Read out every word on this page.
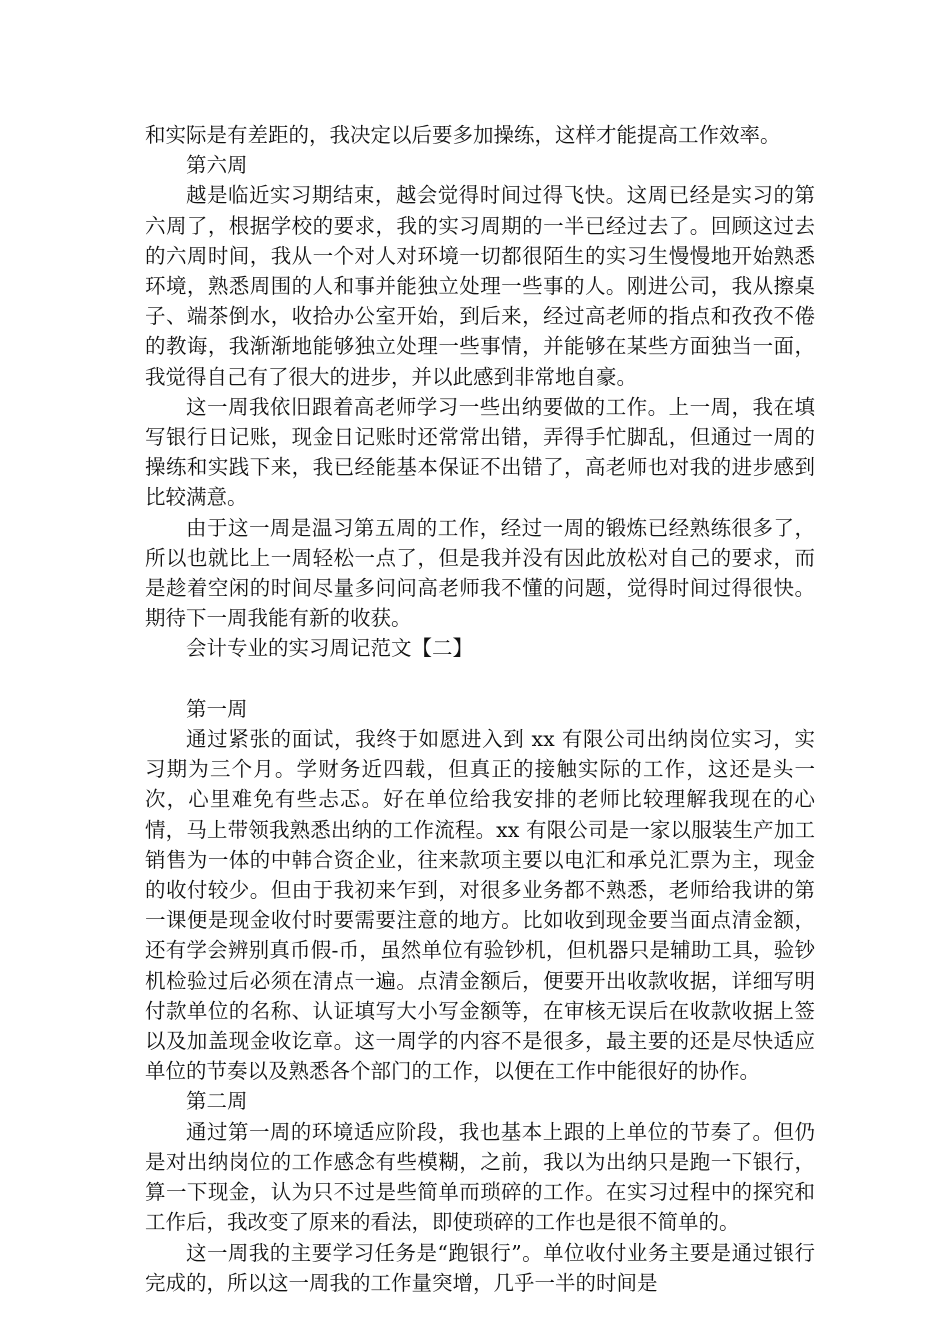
和实际是有差距的，我决定以后要多加操练，这样才能提高工作效率。

第六周

越是临近实习期结束，越会觉得时间过得飞快。这周已经是实习的第六周了，根据学校的要求，我的实习周期的一半已经过去了。回顾这过去的六周时间，我从一个对人对环境一切都很陌生的实习生慢慢地开始熟悉环境，熟悉周围的人和事并能独立处理一些事的人。刚进公司，我从擦桌子、端茶倒水，收拾办公室开始，到后来，经过高老师的指点和孜孜不倦的教诲，我渐渐地能够独立处理一些事情，并能够在某些方面独当一面，我觉得自己有了很大的进步，并以此感到非常地自豪。

这一周我依旧跟着高老师学习一些出纳要做的工作。上一周，我在填写银行日记账，现金日记账时还常常出错，弄得手忙脚乱，但通过一周的操练和实践下来，我已经能基本保证不出错了，高老师也对我的进步感到比较满意。

由于这一周是温习第五周的工作，经过一周的锻炼已经熟练很多了，所以也就比上一周轻松一点了，但是我并没有因此放松对自己的要求，而是趁着空闲的时间尽量多问问高老师我不懂的问题，觉得时间过得很快。期待下一周我能有新的收获。

会计专业的实习周记范文【二】

第一周

通过紧张的面试，我终于如愿进入到 xx 有限公司出纳岗位实习，实习期为三个月。学财务近四载，但真正的接触实际的工作，这还是头一次，心里难免有些忐忑。好在单位给我安排的老师比较理解我现在的心情，马上带领我熟悉出纳的工作流程。xx 有限公司是一家以服装生产加工销售为一体的中韩合资企业，往来款项主要以电汇和承兑汇票为主，现金的收付较少。但由于我初来乍到，对很多业务都不熟悉，老师给我讲的第一课便是现金收付时要需要注意的地方。比如收到现金要当面点清金额，还有学会辨别真币假-币，虽然单位有验钞机，但机器只是辅助工具，验钞机检验过后必须在清点一遍。点清金额后，便要开出收款收据，详细写明付款单位的名称、认证填写大小写金额等，在审核无误后在收款收据上签以及加盖现金收讫章。这一周学的内容不是很多，最主要的还是尽快适应单位的节奏以及熟悉各个部门的工作，以便在工作中能很好的协作。

第二周

通过第一周的环境适应阶段，我也基本上跟的上单位的节奏了。但仍是对出纳岗位的工作感念有些模糊，之前，我以为出纳只是跑一下银行，算一下现金，认为只不过是些简单而琐碎的工作。在实习过程中的探究和工作后，我改变了原来的看法，即使琐碎的工作也是很不简单的。

这一周我的主要学习任务是“跑银行”。单位收付业务主要是通过银行完成的，所以这一周我的工作量突增，几乎一半的时间是
